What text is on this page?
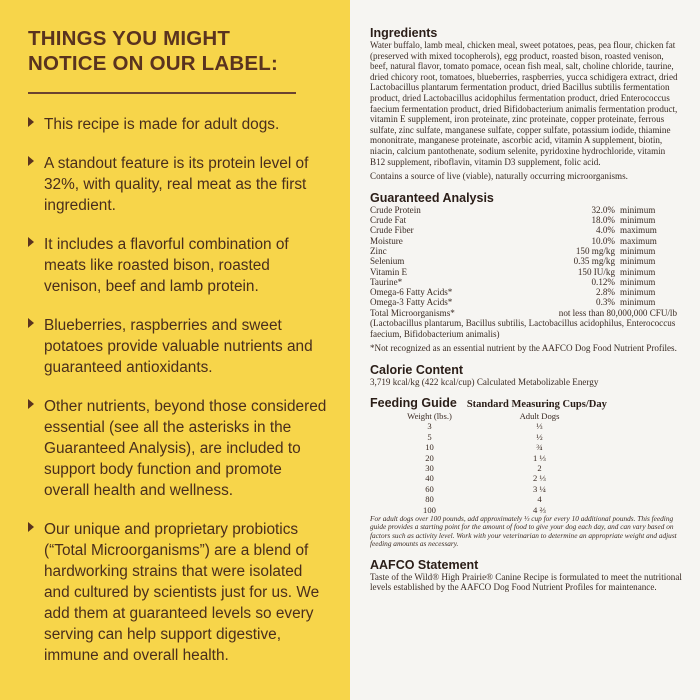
THINGS YOU MIGHT
NOTICE ON OUR LABEL:
This recipe is made for adult dogs.
A standout feature is its protein level of 32%, with quality, real meat as the first ingredient.
It includes a flavorful combination of meats like roasted bison, roasted venison, beef and lamb protein.
Blueberries, raspberries and sweet potatoes provide valuable nutrients and guaranteed antioxidants.
Other nutrients, beyond those considered essential (see all the asterisks in the Guaranteed Analysis), are included to support body function and promote overall health and wellness.
Our unique and proprietary probiotics (“Total Microorganisms”) are a blend of hardworking strains that were isolated and cultured by scientists just for us. We add them at guaranteed levels so every serving can help support digestive, immune and overall health.
Ingredients

Water buffalo, lamb meal, chicken meal, sweet potatoes, peas, pea flour, chicken fat (preserved with mixed tocopherols), egg product, roasted bison, roasted venison, beef, natural flavor, tomato pomace, ocean fish meal, salt, choline chloride, taurine, dried chicory root, tomatoes, blueberries, raspberries, yucca schidigera extract, dried Lactobacillus plantarum fermentation product, dried Bacillus subtilis fermentation product, dried Lactobacillus acidophilus fermentation product, dried Enterococcus faecium fermentation product, dried Bifidobacterium animalis fermentation product, vitamin E supplement, iron proteinate, zinc proteinate, copper proteinate, ferrous sulfate, zinc sulfate, manganese sulfate, copper sulfate, potassium iodide, thiamine mononitrate, manganese proteinate, ascorbic acid, vitamin A supplement, biotin, niacin, calcium pantothenate, sodium selenite, pyridoxine hydrochloride, vitamin B12 supplement, riboflavin, vitamin D3 supplement, folic acid.

Contains a source of live (viable), naturally occurring microorganisms.

Guaranteed Analysis
Crude Protein	32.0%	minimum
Crude Fat	18.0%	minimum
Crude Fiber	4.0%	maximum
Moisture	10.0%	maximum
Zinc	150 mg/kg	minimum
Selenium	0.35 mg/kg	minimum
Vitamin E	150 IU/kg	minimum
Taurine*	0.12%	minimum
Omega-6 Fatty Acids*	2.8%	minimum
Omega-3 Fatty Acids*	0.3%	minimum
Total Microorganisms*	not less than 80,000,000 CFU/lb	

(Lactobacillus plantarum, Bacillus subtilis, Lactobacillus acidophilus, Enterococcus faecium, Bifidobacterium animalis)

*Not recognized as an essential nutrient by the AAFCO Dog Food Nutrient Profiles.

Calorie Content

3,719 kcal/kg (422 kcal/cup) Calculated Metabolizable Energy

Feeding Guide Standard Measuring Cups/Day
Weight (lbs.)	Adult Dogs
3	⅓
5	½
10	¾
20	1 ⅓
30	2
40	2 ⅓
60	3 ¼
80	4
100	4 ⅔

For adult dogs over 100 pounds, add approximately ⅓ cup for every 10 additional pounds. This feeding guide provides a starting point for the amount of food to give your dog each day, and can vary based on factors such as activity level. Work with your veterinarian to determine an appropriate weight and adjust feeding amounts as necessary.

AAFCO Statement

Taste of the Wild® High Prairie® Canine Recipe is formulated to meet the nutritional levels established by the AAFCO Dog Food Nutrient Profiles for maintenance.
